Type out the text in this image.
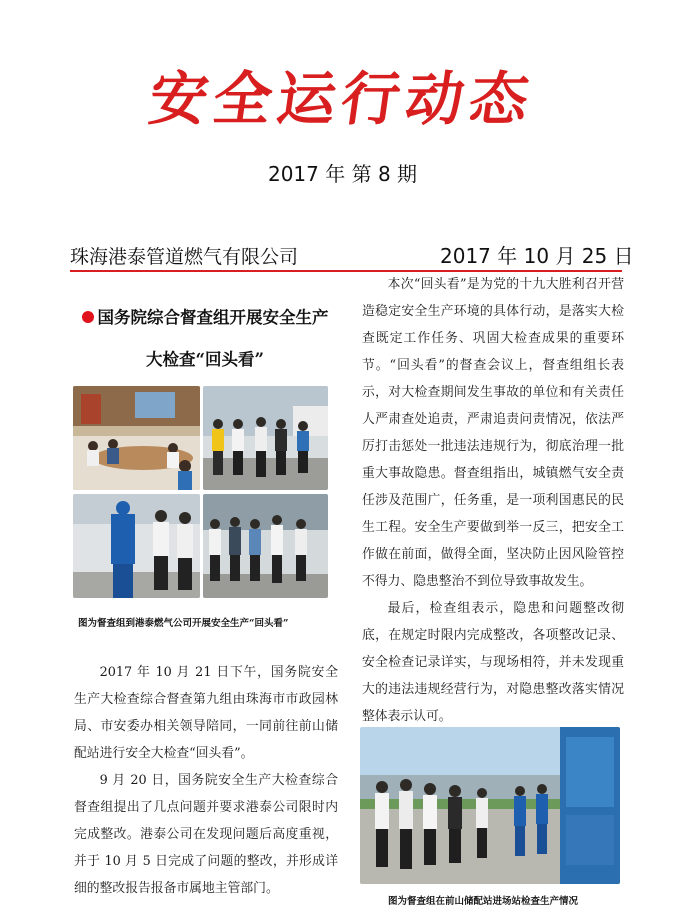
安全运行动态
2017 年 第 8 期
珠海港泰管道燃气有限公司	2017 年 10 月 25 日
国务院综合督查组开展安全生产
大检查“回头看”
图为督查组到港泰燃气公司开展安全生产“回头看”

2017 年 10 月 21 日下午，国务院安全生产大检查综合督查第九组由珠海市市政园林局、市安委办相关领导陪同，一同前往前山储配站进行安全大检查“回头看”。

9 月 20 日，国务院安全生产大检查综合督查组提出了几点问题并要求港泰公司限时内完成整改。港泰公司在发现问题后高度重视，并于 10 月 5 日完成了问题的整改，并形成详细的整改报告报备市属地主管部门。

本次“回头看”是为党的十九大胜利召开营造稳定安全生产环境的具体行动，是落实大检查既定工作任务、巩固大检查成果的重要环节。“回头看”的督查会议上，督查组组长表示，对大检查期间发生事故的单位和有关责任人严肃查处追责，严肃追责问责情况，依法严厉打击惩处一批违法违规行为，彻底治理一批重大事故隐患。督查组指出，城镇燃气安全责任涉及范围广，任务重，是一项利国惠民的民生工程。安全生产要做到举一反三，把安全工作做在前面，做得全面，坚决防止因风险管控不得力、隐患整治不到位导致事故发生。

最后，检查组表示，隐患和问题整改彻底，在规定时限内完成整改，各项整改记录、安全检查记录详实，与现场相符，并未发现重大的违法违规经营行为，对隐患整改落实情况整体表示认可。

图为督查组在前山储配站进场站检查生产情况
